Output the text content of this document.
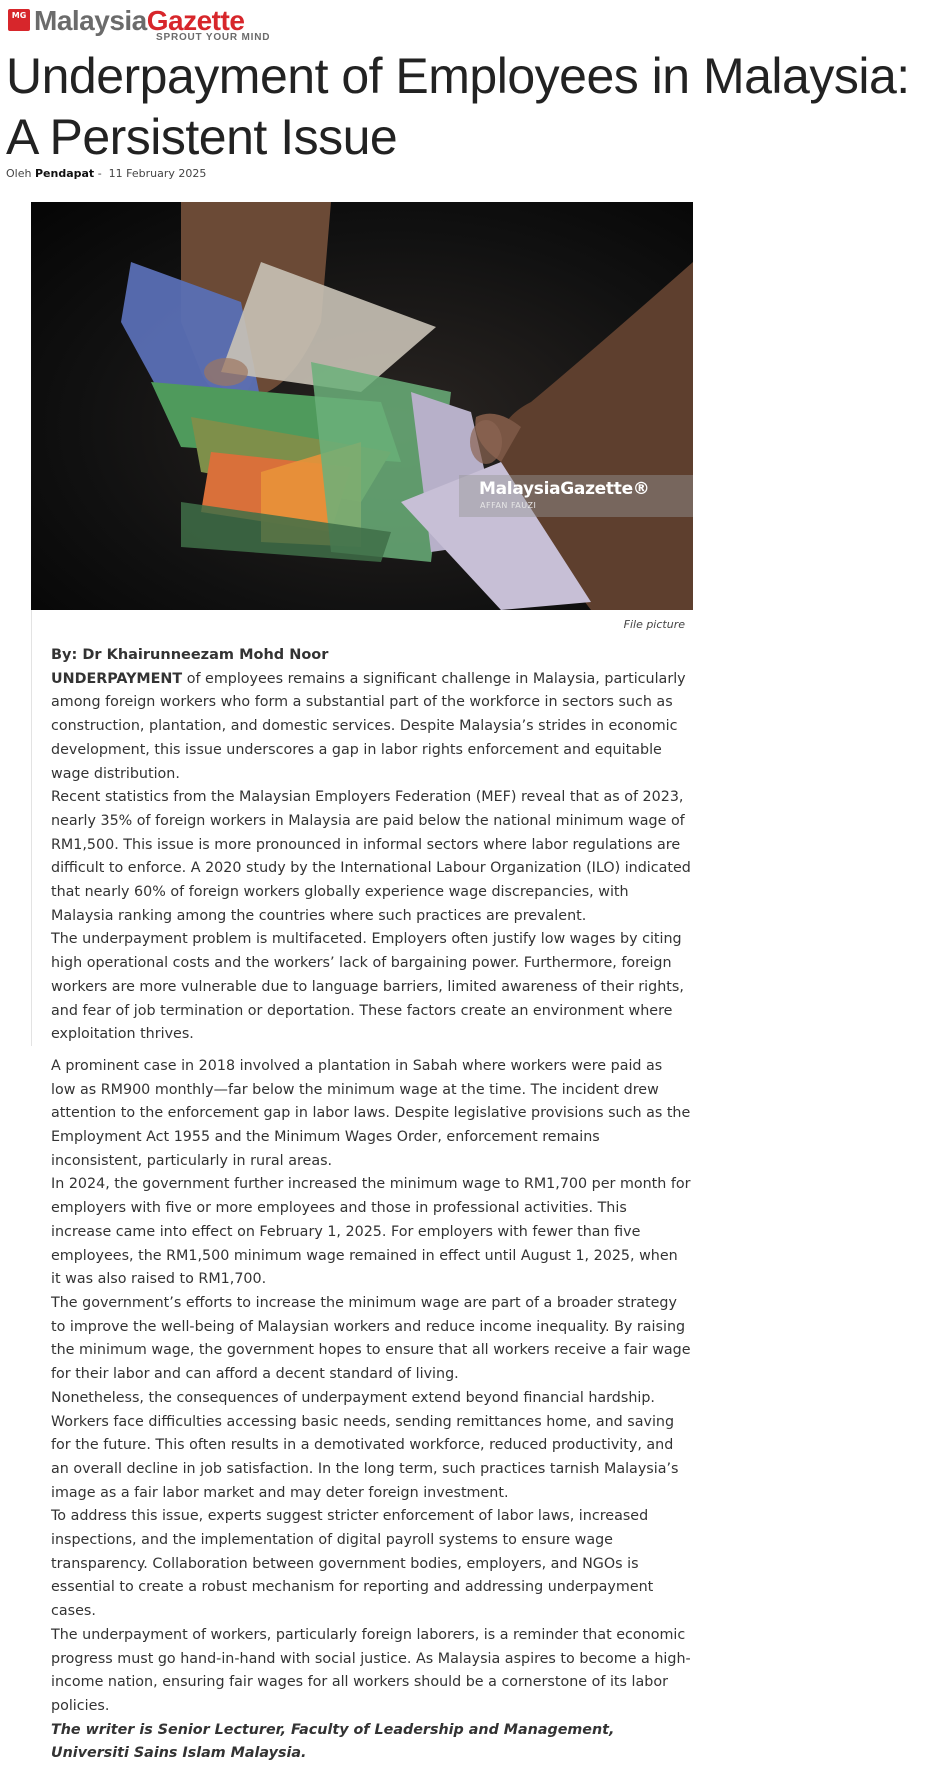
MG MalaysiaGazette
SPROUT YOUR MIND
Underpayment of Employees in Malaysia: A Persistent Issue
Oleh Pendapat - 11 February 2025
MalaysiaGazette®
AFFAN FAUZI
File picture

By: Dr Khairunneezam Mohd Noor

UNDERPAYMENT of employees remains a significant challenge in Malaysia, particularly among foreign workers who form a substantial part of the workforce in sectors such as construction, plantation, and domestic services. Despite Malaysia’s strides in economic development, this issue underscores a gap in labor rights enforcement and equitable wage distribution.

Recent statistics from the Malaysian Employers Federation (MEF) reveal that as of 2023, nearly 35% of foreign workers in Malaysia are paid below the national minimum wage of RM1,500. This issue is more pronounced in informal sectors where labor regulations are difficult to enforce. A 2020 study by the International Labour Organization (ILO) indicated that nearly 60% of foreign workers globally experience wage discrepancies, with Malaysia ranking among the countries where such practices are prevalent.

The underpayment problem is multifaceted. Employers often justify low wages by citing high operational costs and the workers’ lack of bargaining power. Furthermore, foreign workers are more vulnerable due to language barriers, limited awareness of their rights, and fear of job termination or deportation. These factors create an environment where exploitation thrives.

A prominent case in 2018 involved a plantation in Sabah where workers were paid as low as RM900 monthly—far below the minimum wage at the time. The incident drew attention to the enforcement gap in labor laws. Despite legislative provisions such as the Employment Act 1955 and the Minimum Wages Order, enforcement remains inconsistent, particularly in rural areas.

In 2024, the government further increased the minimum wage to RM1,700 per month for employers with five or more employees and those in professional activities. This increase came into effect on February 1, 2025. For employers with fewer than five employees, the RM1,500 minimum wage remained in effect until August 1, 2025, when it was also raised to RM1,700.

The government’s efforts to increase the minimum wage are part of a broader strategy to improve the well-being of Malaysian workers and reduce income inequality. By raising the minimum wage, the government hopes to ensure that all workers receive a fair wage for their labor and can afford a decent standard of living.

Nonetheless, the consequences of underpayment extend beyond financial hardship. Workers face difficulties accessing basic needs, sending remittances home, and saving for the future. This often results in a demotivated workforce, reduced productivity, and an overall decline in job satisfaction. In the long term, such practices tarnish Malaysia’s image as a fair labor market and may deter foreign investment.

To address this issue, experts suggest stricter enforcement of labor laws, increased inspections, and the implementation of digital payroll systems to ensure wage transparency. Collaboration between government bodies, employers, and NGOs is essential to create a robust mechanism for reporting and addressing underpayment cases.

The underpayment of workers, particularly foreign laborers, is a reminder that economic progress must go hand-in-hand with social justice. As Malaysia aspires to become a high-income nation, ensuring fair wages for all workers should be a cornerstone of its labor policies.

The writer is Senior Lecturer, Faculty of Leadership and Management, Universiti Sains Islam Malaysia.
